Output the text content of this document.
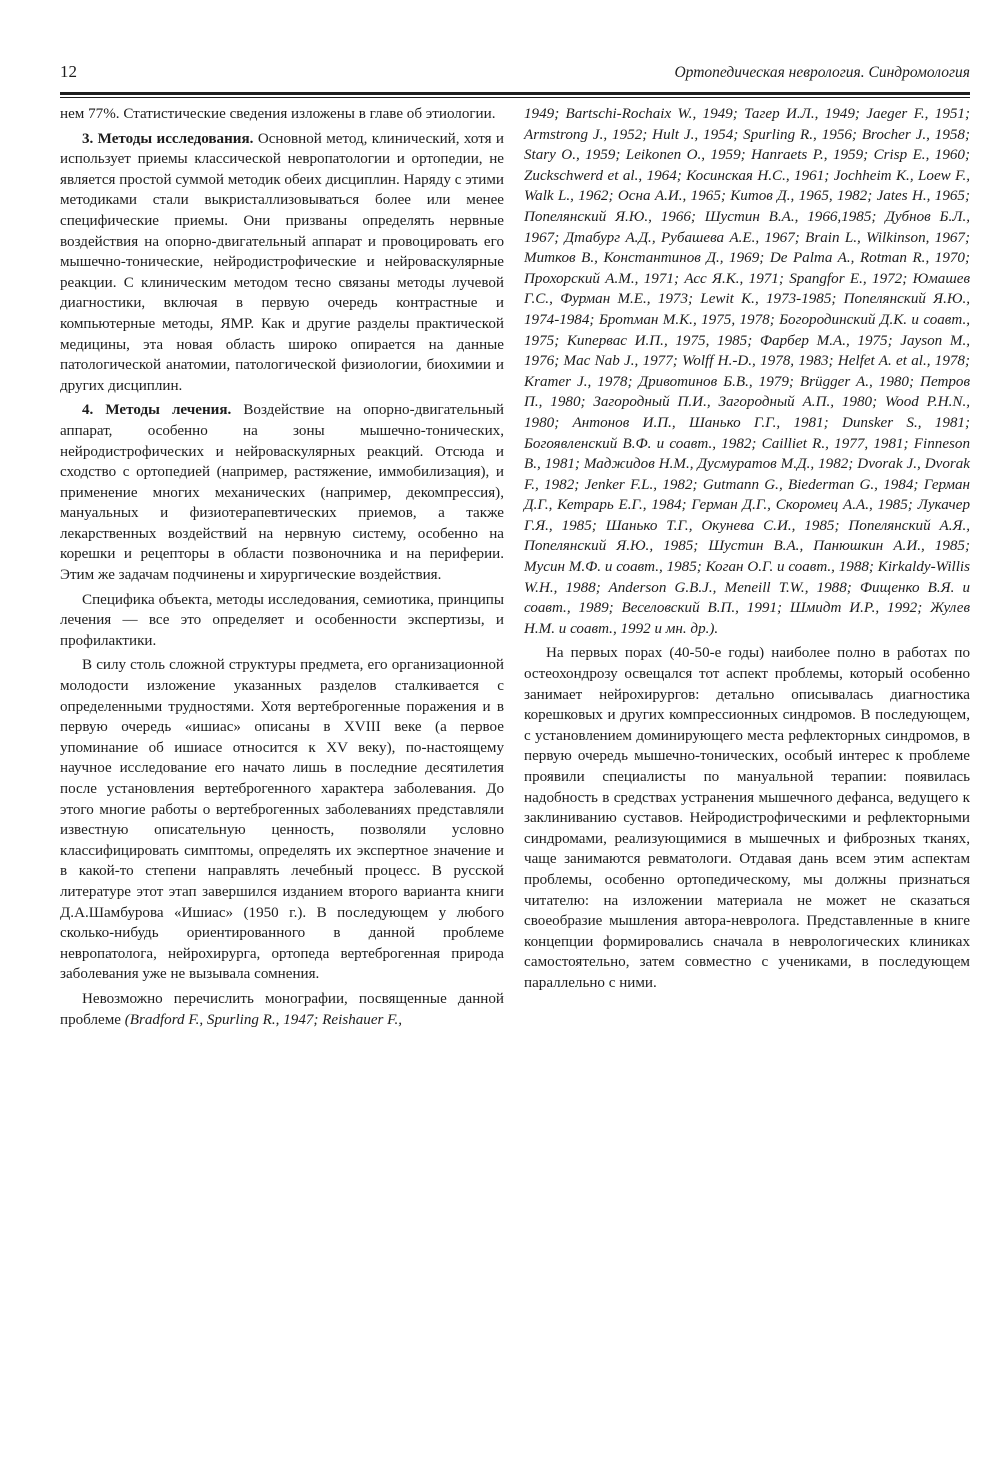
12	Ортопедическая неврология. Синдромология

нем 77%. Статистические сведения изложены в главе об этиологии.

3. Методы исследования. Основной метод, клинический, хотя и использует приемы классической невропатологии и ортопедии, не является простой суммой методик обеих дисциплин. Наряду с этими методиками стали выкристаллизовываться более или менее специфические приемы. Они призваны определять нервные воздействия на опорно-двигательный аппарат и провоцировать его мышечно-тонические, нейродистрофические и нейроваскулярные реакции. С клиническим методом тесно связаны методы лучевой диагностики, включая в первую очередь контрастные и компьютерные методы, ЯМР. Как и другие разделы практической медицины, эта новая область широко опирается на данные патологической анатомии, патологической физиологии, биохимии и других дисциплин.

4. Методы лечения. Воздействие на опорно-двигательный аппарат, особенно на зоны мышечно-тонических, нейродистрофических и нейроваскулярных реакций. Отсюда и сходство с ортопедией (например, растяжение, иммобилизация), и применение многих механических (например, декомпрессия), мануальных и физиотерапевтических приемов, а также лекарственных воздействий на нервную систему, особенно на корешки и рецепторы в области позвоночника и на периферии. Этим же задачам подчинены и хирургические воздействия.

Специфика объекта, методы исследования, семиотика, принципы лечения — все это определяет и особенности экспертизы, и профилактики.

В силу столь сложной структуры предмета, его организационной молодости изложение указанных разделов сталкивается с определенными трудностями. Хотя вертеброгенные поражения и в первую очередь «ишиас» описаны в XVIII веке (а первое упоминание об ишиасе относится к XV веку), по-настоящему научное исследование его начато лишь в последние десятилетия после установления вертеброгенного характера заболевания. До этого многие работы о вертеброгенных заболеваниях представляли известную описательную ценность, позволяли условно классифицировать симптомы, определять их экспертное значение и в какой-то степени направлять лечебный процесс. В русской литературе этот этап завершился изданием второго варианта книги Д.А.Шамбурова «Ишиас» (1950 г.). В последующем у любого сколько-нибудь ориентированного в данной проблеме невропатолога, нейрохирурга, ортопеда вертеброгенная природа заболевания уже не вызывала сомнения.

Невозможно перечислить монографии, посвященные данной проблеме (Bradford F., Spurling R., 1947; Reishauer F.,

1949; Bartschi-Rochaix W., 1949; Тагер И.Л., 1949; Jaeger F., 1951; Armstrong J., 1952; Hult J., 1954; Spurling R., 1956; Brocher J., 1958; Stary O., 1959; Leikonen O., 1959; Hanraets P., 1959; Crisp E., 1960; Zuckschwerd et al., 1964; Косинская Н.С., 1961; Jochheim K., Loew F., Walk L., 1962; Осна А.И., 1965; Китов Д., 1965, 1982; Jates H., 1965; Попелянский Я.Ю., 1966; Шустин В.А., 1966,1985; Дубнов Б.Л., 1967; Дтабург А.Д., Рубашева А.Е., 1967; Brain L., Wilkinson, 1967; Митков В., Константинов Д., 1969; De Palma A., Rotman R., 1970; Прохорский А.М., 1971; Асс Я.К., 1971; Spangfor E., 1972; Юмашев Г.С., Фурман М.Е., 1973; Lewit K., 1973-1985; Попелянский Я.Ю., 1974-1984; Бротман М.К., 1975, 1978; Богородинский Д.К. и соавт., 1975; Кипервас И.П., 1975, 1985; Фарбер М.А., 1975; Jayson M., 1976; Mac Nab J., 1977; Wolff H.-D., 1978, 1983; Helfet A. et al., 1978; Kramer J., 1978; Дривотинов Б.В., 1979; Brügger A., 1980; Петров П., 1980; Загородный П.И., Загородный А.П., 1980; Wood P.H.N., 1980; Антонов И.П., Шанько Г.Г., 1981; Dunsker S., 1981; Богоявленский В.Ф. и соавт., 1982; Cailliet R., 1977, 1981; Finneson B., 1981; Маджидов Н.М., Дусмуратов М.Д., 1982; Dvorak J., Dvorak F., 1982; Jenker F.L., 1982; Gutmann G., Biederman G., 1984; Герман Д.Г., Кетрарь Е.Г., 1984; Герман Д.Г., Скоромец А.А., 1985; Лукачер Г.Я., 1985; Шанько Т.Г., Окунева С.И., 1985; Попелянский А.Я., Попелянский Я.Ю., 1985; Шустин В.А., Панюшкин А.И., 1985; Мусин М.Ф. и соавт., 1985; Коган О.Г. и соавт., 1988; Kirkaldy-Willis W.H., 1988; Anderson G.B.J., Meneill T.W., 1988; Фищенко В.Я. и соавт., 1989; Веселовский В.П., 1991; Шмидт И.Р., 1992; Жулев Н.М. и соавт., 1992 и мн. др.).

На первых порах (40-50-е годы) наиболее полно в работах по остеохондрозу освещался тот аспект проблемы, который особенно занимает нейрохирургов: детально описывалась диагностика корешковых и других компрессионных синдромов. В последующем, с установлением доминирующего места рефлекторных синдромов, в первую очередь мышечно-тонических, особый интерес к проблеме проявили специалисты по мануальной терапии: появилась надобность в средствах устранения мышечного дефанса, ведущего к заклиниванию суставов. Нейродистрофическими и рефлекторными синдромами, реализующимися в мышечных и фиброзных тканях, чаще занимаются ревматологи. Отдавая дань всем этим аспектам проблемы, особенно ортопедическому, мы должны признаться читателю: на изложении материала не может не сказаться своеобразие мышления автора-невролога. Представленные в книге концепции формировались сначала в неврологических клиниках самостоятельно, затем совместно с учениками, в последующем параллельно с ними.
